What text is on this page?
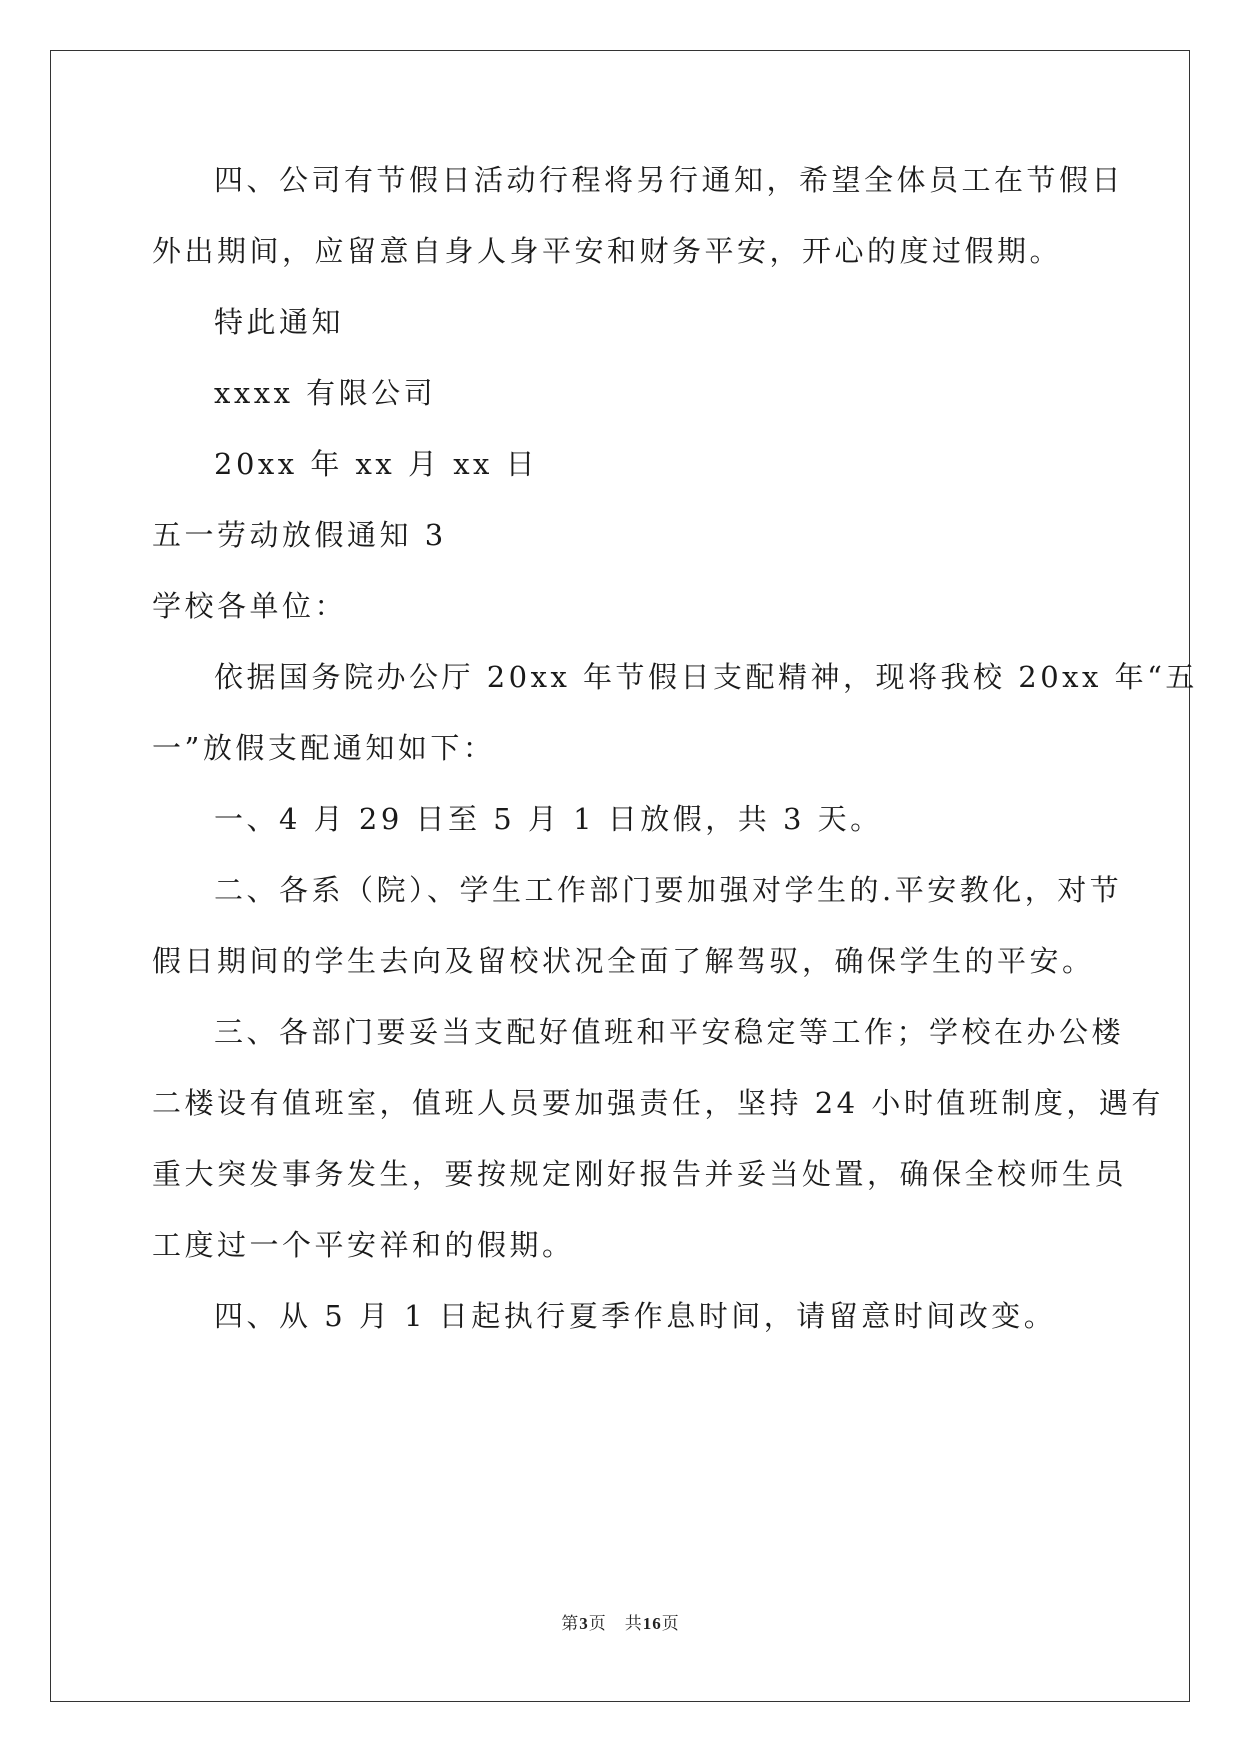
四、公司有节假日活动行程将另行通知，希望全体员工在节假日
外出期间，应留意自身人身平安和财务平安，开心的度过假期。
特此通知
xxxx 有限公司
20xx 年 xx 月 xx 日
五一劳动放假通知 3
学校各单位：
依据国务院办公厅 20xx 年节假日支配精神，现将我校 20xx 年“五
一”放假支配通知如下：
一、4 月 29 日至 5 月 1 日放假，共 3 天。
二、各系（院）、学生工作部门要加强对学生的.平安教化，对节
假日期间的学生去向及留校状况全面了解驾驭，确保学生的平安。
三、各部门要妥当支配好值班和平安稳定等工作；学校在办公楼
二楼设有值班室，值班人员要加强责任，坚持 24 小时值班制度，遇有
重大突发事务发生，要按规定刚好报告并妥当处置，确保全校师生员
工度过一个平安祥和的假期。
四、从 5 月 1 日起执行夏季作息时间，请留意时间改变。
第3页 共16页
